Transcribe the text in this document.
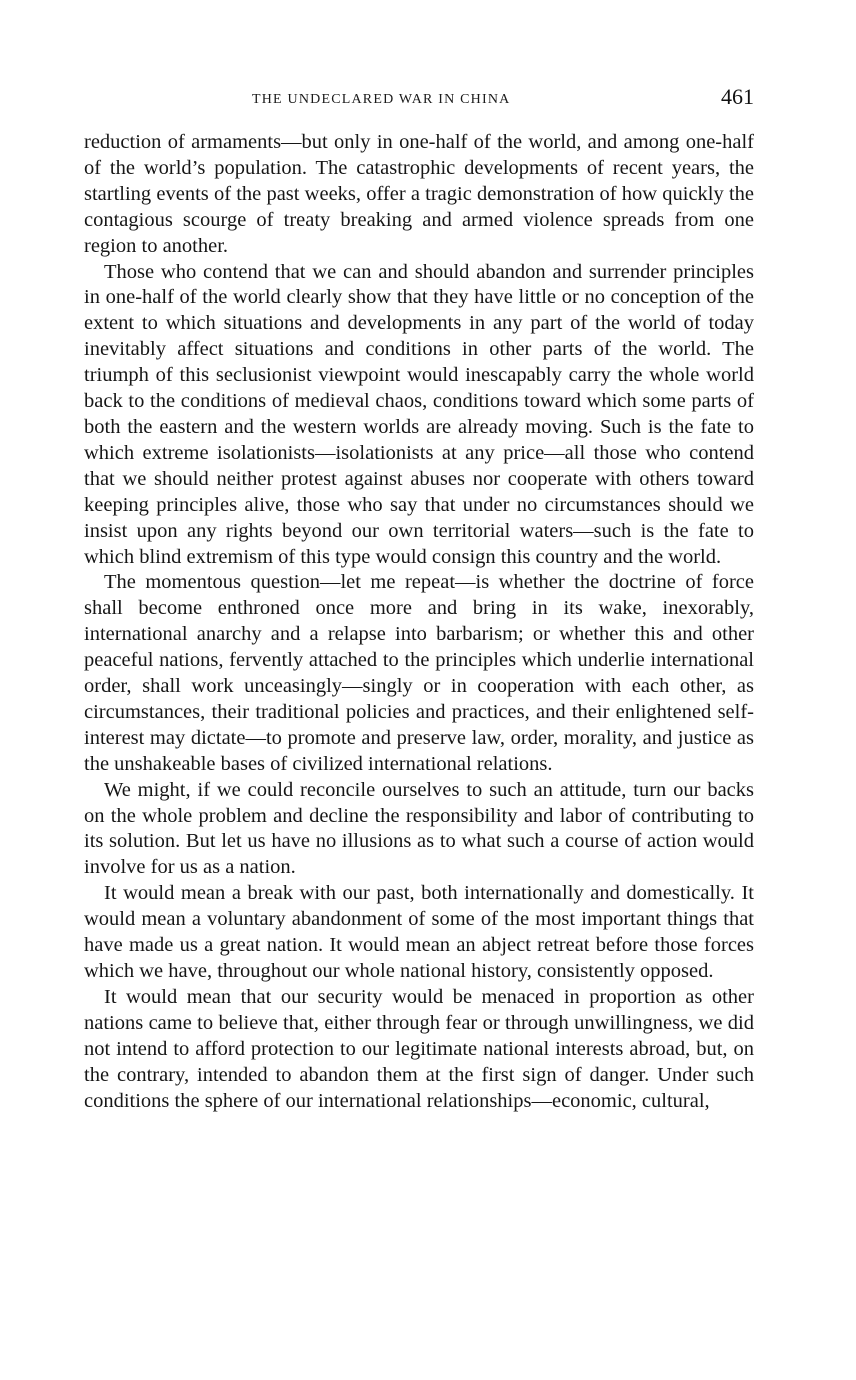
THE UNDECLARED WAR IN CHINA	461

reduction of armaments—but only in one-half of the world, and among one-half of the world’s population. The catastrophic developments of recent years, the startling events of the past weeks, offer a tragic demonstration of how quickly the contagious scourge of treaty breaking and armed violence spreads from one region to another.

Those who contend that we can and should abandon and surrender principles in one-half of the world clearly show that they have little or no conception of the extent to which situations and developments in any part of the world of today inevitably affect situations and conditions in other parts of the world. The triumph of this seclusionist viewpoint would inescapably carry the whole world back to the conditions of medieval chaos, conditions toward which some parts of both the eastern and the western worlds are already moving. Such is the fate to which extreme isolationists—isolationists at any price—all those who contend that we should neither protest against abuses nor cooperate with others toward keeping principles alive, those who say that under no circumstances should we insist upon any rights beyond our own territorial waters—such is the fate to which blind extremism of this type would consign this country and the world.

The momentous question—let me repeat—is whether the doctrine of force shall become enthroned once more and bring in its wake, inexorably, international anarchy and a relapse into barbarism; or whether this and other peaceful nations, fervently attached to the principles which underlie international order, shall work unceasingly—singly or in cooperation with each other, as circumstances, their traditional policies and practices, and their enlightened self-interest may dictate—to promote and preserve law, order, morality, and justice as the unshakeable bases of civilized international relations.

We might, if we could reconcile ourselves to such an attitude, turn our backs on the whole problem and decline the responsibility and labor of contributing to its solution. But let us have no illusions as to what such a course of action would involve for us as a nation.

It would mean a break with our past, both internationally and domestically. It would mean a voluntary abandonment of some of the most important things that have made us a great nation. It would mean an abject retreat before those forces which we have, throughout our whole national history, consistently opposed.

It would mean that our security would be menaced in proportion as other nations came to believe that, either through fear or through unwillingness, we did not intend to afford protection to our legitimate national interests abroad, but, on the contrary, intended to abandon them at the first sign of danger. Under such conditions the sphere of our international relationships—economic, cultural,
